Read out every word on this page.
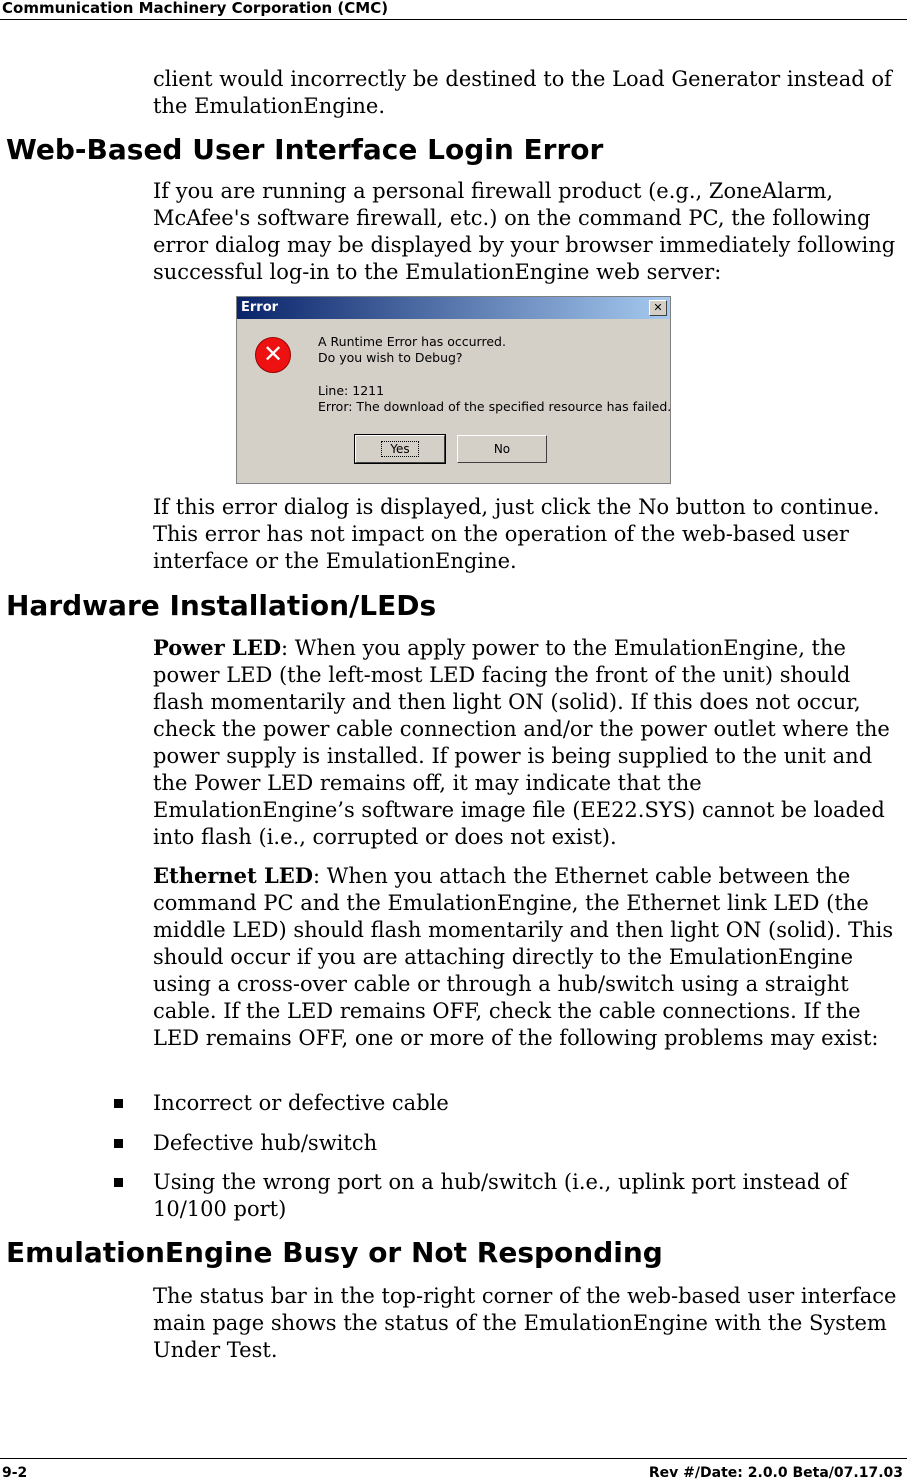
Communication Machinery Corporation (CMC)
client would incorrectly be destined to the Load Generator instead of the EmulationEngine.
Web-Based User Interface Login Error
If you are running a personal firewall product (e.g., ZoneAlarm, McAfee's software firewall, etc.) on the command PC, the following error dialog may be displayed by your browser immediately following successful log-in to the EmulationEngine web server:
Error	✕
✕	A Runtime Error has occurred.
Do you wish to Debug?
Line: 1211
Error: The download of the specified resource has failed.
Yes	No
If this error dialog is displayed, just click the No button to continue. This error has not impact on the operation of the web-based user interface or the EmulationEngine.
Hardware Installation/LEDs
Power LED: When you apply power to the EmulationEngine, the power LED (the left-most LED facing the front of the unit) should flash momentarily and then light ON (solid). If this does not occur, check the power cable connection and/or the power outlet where the power supply is installed. If power is being supplied to the unit and the Power LED remains off, it may indicate that the EmulationEngine’s software image file (EE22.SYS) cannot be loaded into flash (i.e., corrupted or does not exist).
Ethernet LED: When you attach the Ethernet cable between the command PC and the EmulationEngine, the Ethernet link LED (the middle LED) should flash momentarily and then light ON (solid). This should occur if you are attaching directly to the EmulationEngine using a cross-over cable or through a hub/switch using a straight cable. If the LED remains OFF, check the cable connections. If the LED remains OFF, one or more of the following problems may exist:
Incorrect or defective cable
Defective hub/switch
Using the wrong port on a hub/switch (i.e., uplink port instead of 10/100 port)
EmulationEngine Busy or Not Responding
The status bar in the top-right corner of the web-based user interface main page shows the status of the EmulationEngine with the System Under Test.
9-2	Rev #/Date: 2.0.0 Beta/07.17.03
